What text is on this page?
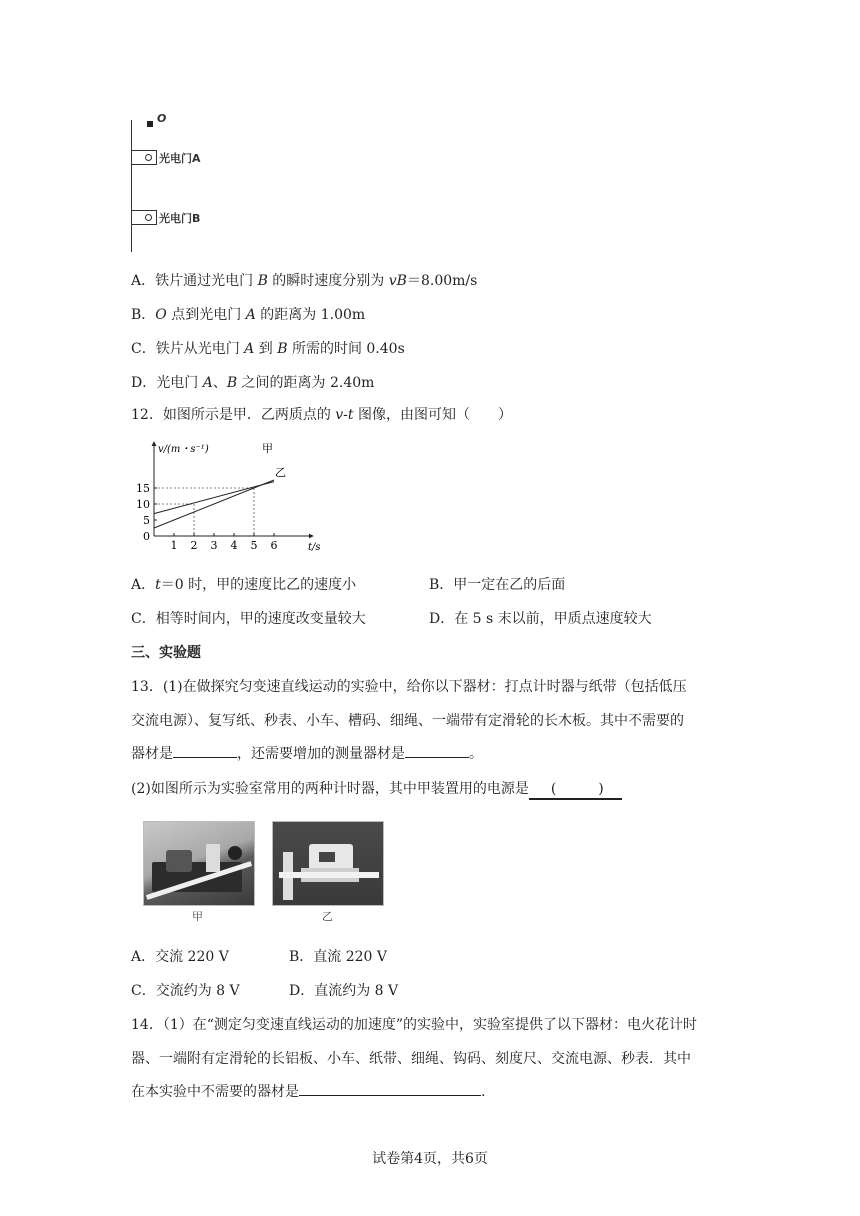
O
光电门A
光电门B
A．铁片通过光电门 B 的瞬时速度分别为 vB＝8.00m/s
B．O 点到光电门 A 的距离为 1.00m
C．铁片从光电门 A 到 B 所需的时间 0.40s
D．光电门 A、B 之间的距离为 2.40m
12．如图所示是甲．乙两质点的 v-t 图像，由图可知（　　）
1 2 3 4 5 6
0
5
10
15
v/(m・s⁻¹)
t/s
甲
乙
A．t＝0 时，甲的速度比乙的速度小	B．甲一定在乙的后面
C．相等时间内，甲的速度改变量较大	D．在 5 s 末以前，甲质点速度较大
三、实验题
13．(1)在做探究匀变速直线运动的实验中，给你以下器材：打点计时器与纸带（包括低压
交流电源）、复写纸、秒表、小车、槽码、细绳、一端带有定滑轮的长木板。其中不需要的
器材是	，还需要增加的测量器材是	。
(2)如图所示为实验室常用的两种计时器，其中甲装置用的电源是 (　　　)
甲	乙
A．交流 220 V	B．直流 220 V
C．交流约为 8 V	D．直流约为 8 V
14．（1）在“测定匀变速直线运动的加速度”的实验中，实验室提供了以下器材：电火花计时
器、一端附有定滑轮的长铝板、小车、纸带、细绳、钩码、刻度尺、交流电源、秒表．其中
在本实验中不需要的器材是	.
试卷第4页，共6页
